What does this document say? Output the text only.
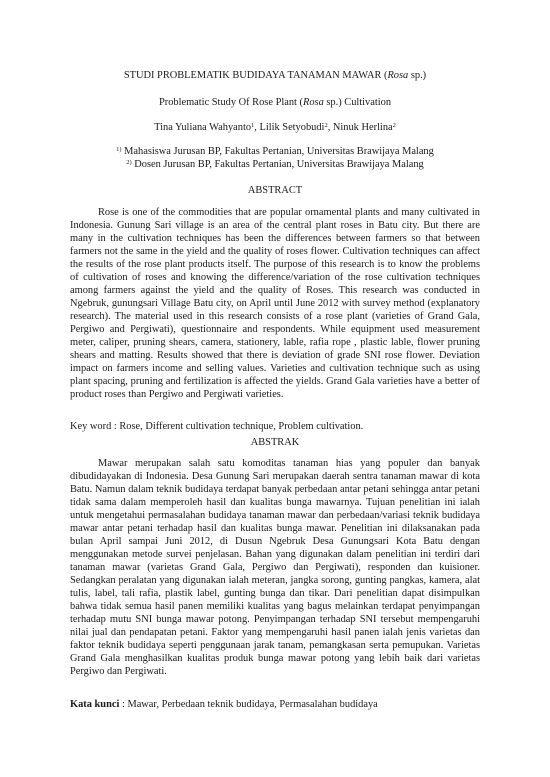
STUDI PROBLEMATIK BUDIDAYA TANAMAN MAWAR (Rosa sp.)
Problematic Study Of Rose Plant (Rosa sp.) Cultivation
Tina Yuliana Wahyanto$^1$, Lilik Setyobudi$^2$, Ninuk Herlina$^2$
$^{1)}$ Mahasiswa Jurusan BP, Fakultas Pertanian, Universitas Brawijaya Malang
$^{2)}$ Dosen Jurusan BP, Fakultas Pertanian, Universitas Brawijaya Malang
ABSTRACT

Rose is one of the commodities that are popular ornamental plants and many cultivated in Indonesia. Gunung Sari village is an area of the central plant roses in Batu city. But there are many in the cultivation techniques has been the differences between farmers so that between farmers not the same in the yield and the quality of roses flower. Cultivation techniques can affect the results of the rose plant products itself. The purpose of this research is to know the problems of cultivation of roses and knowing the difference/variation of the rose cultivation techniques among farmers against the yield and the quality of Roses. This research was conducted in Ngebruk, gunungsari Village Batu city, on April until June 2012 with survey method (explanatory research). The material used in this research consists of a rose plant (varieties of Grand Gala, Pergiwo and Pergiwati), questionnaire and respondents. While equipment used measurement meter, caliper, pruning shears, camera, stationery, lable, rafia rope , plastic lable, flower pruning shears and matting. Results showed that there is deviation of grade SNI rose flower. Deviation impact on farmers income and selling values. Varieties and cultivation technique such as using plant spacing, pruning and fertilization is affected the yields. Grand Gala varieties have a better of product roses than Pergiwo and Pergiwati varieties.

Key word : Rose, Different cultivation technique, Problem cultivation.
ABSTRAK

Mawar merupakan salah satu komoditas tanaman hias yang populer dan banyak dibudidayakan di Indonesia. Desa Gunung Sari merupakan daerah sentra tanaman mawar di kota Batu. Namun dalam teknik budidaya terdapat banyak perbedaan antar petani sehingga antar petani tidak sama dalam memperoleh hasil dan kualitas bunga mawarnya. Tujuan penelitian ini ialah untuk mengetahui permasalahan budidaya tanaman mawar dan perbedaan/variasi teknik budidaya mawar antar petani terhadap hasil dan kualitas bunga mawar. Penelitian ini dilaksanakan pada bulan April sampai Juni 2012, di Dusun Ngebruk Desa Gunungsari Kota Batu dengan menggunakan metode survei penjelasan. Bahan yang digunakan dalam penelitian ini terdiri dari tanaman mawar (varietas Grand Gala, Pergiwo dan Pergiwati), responden dan kuisioner. Sedangkan peralatan yang digunakan ialah meteran, jangka sorong, gunting pangkas, kamera, alat tulis, label, tali rafia, plastik label, gunting bunga dan tikar. Dari penelitian dapat disimpulkan bahwa tidak semua hasil panen memiliki kualitas yang bagus melainkan terdapat penyimpangan terhadap mutu SNI bunga mawar potong. Penyimpangan terhadap SNI tersebut mempengaruhi nilai jual dan pendapatan petani. Faktor yang mempengaruhi hasil panen ialah jenis varietas dan faktor teknik budidaya seperti penggunaan jarak tanam, pemangkasan serta pemupukan. Varietas Grand Gala menghasilkan kualitas produk bunga mawar potong yang lebih baik dari varietas Pergiwo dan Pergiwati.

Kata kunci : Mawar, Perbedaan teknik budidaya, Permasalahan budidaya
